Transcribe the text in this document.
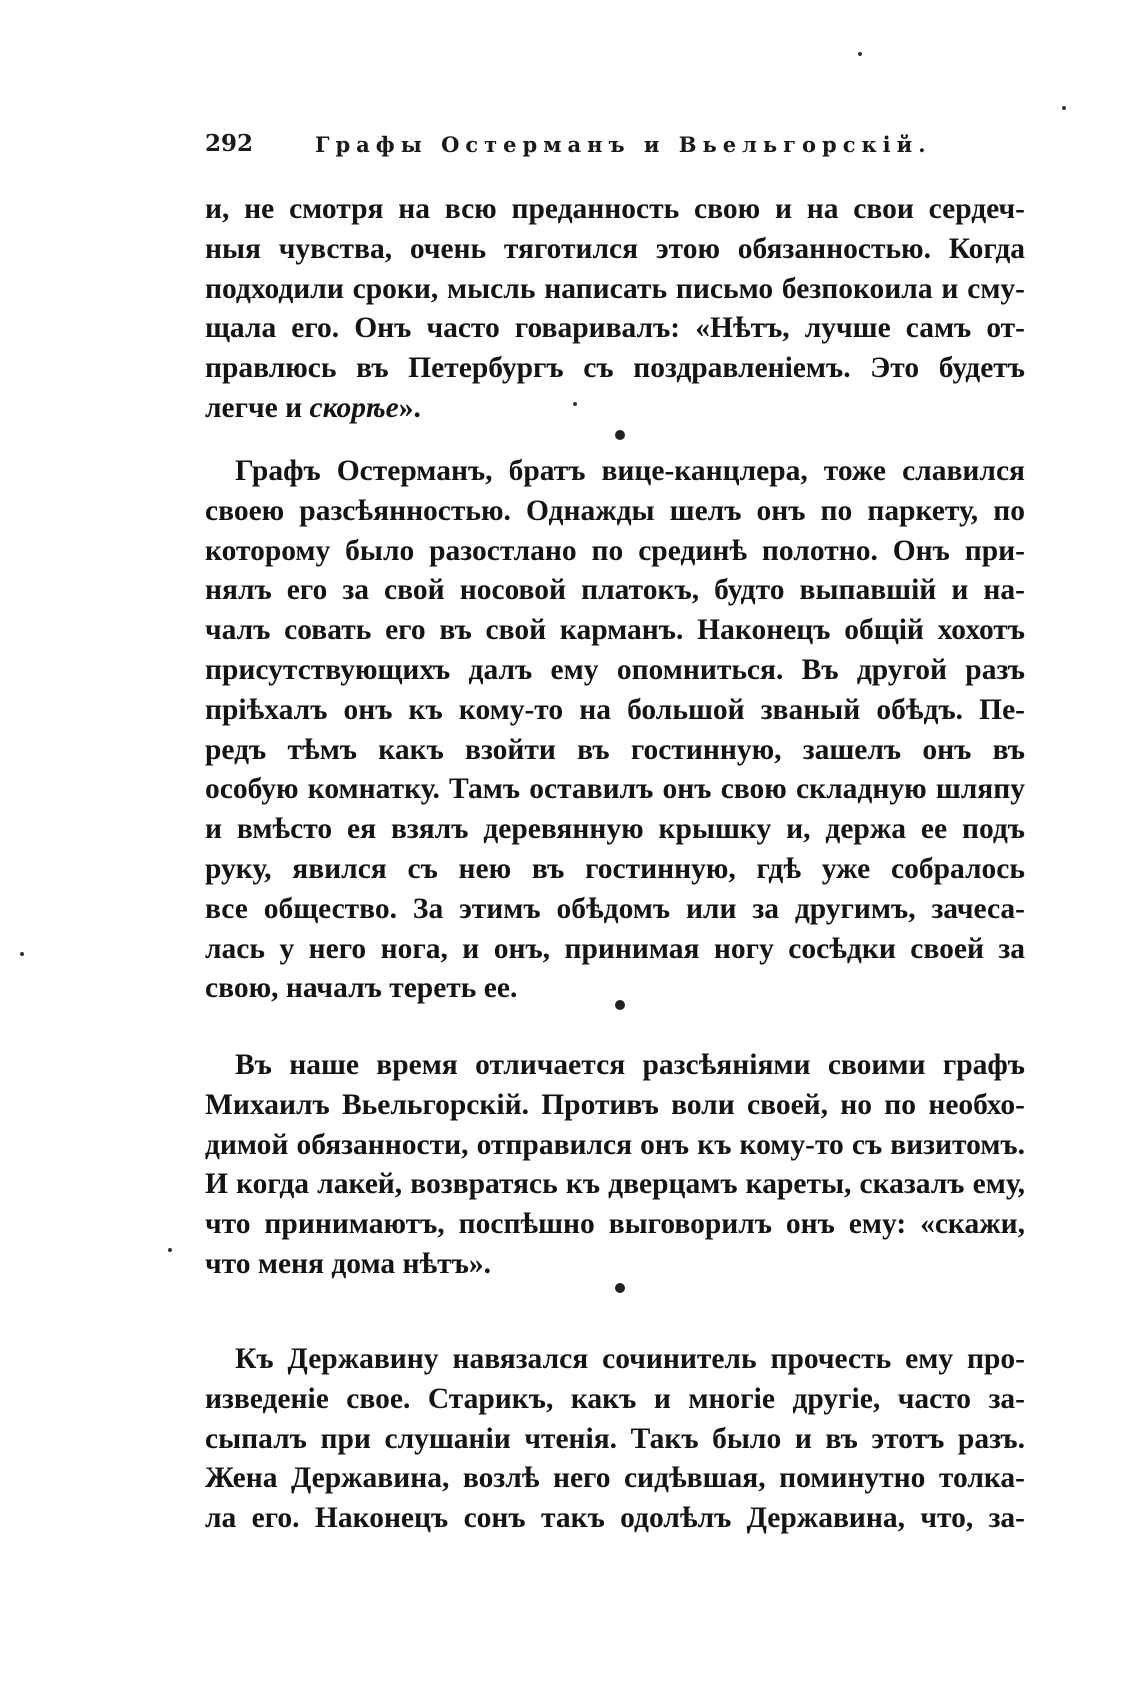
292	Графы Остерманъ и Вьельгорскій.
и, не смотря на всю преданность свою и на свои сердеч-
ныя чувства, очень тяготился этою обязанностью. Когда
подходили сроки, мысль написать письмо безпокоила и сму-
щала его. Онъ часто говаривалъ: «Нѣтъ, лучше самъ от-
правлюсь въ Петербургъ съ поздравленіемъ. Это будетъ
легче и скорѣе».
Графъ Остерманъ, братъ вице-канцлера, тоже славился
своею разсѣянностью. Однажды шелъ онъ по паркету, по
которому было разостлано по срединѣ полотно. Онъ при-
нялъ его за свой носовой платокъ, будто выпавшій и на-
чалъ совать его въ свой карманъ. Наконецъ общій хохотъ
присутствующихъ далъ ему опомниться. Въ другой разъ
пріѣхалъ онъ къ кому-то на большой званый обѣдъ. Пе-
редъ тѣмъ какъ взойти въ гостинную, зашелъ онъ въ
особую комнатку. Тамъ оставилъ онъ свою складную шляпу
и вмѣсто ея взялъ деревянную крышку и, держа ее подъ
руку, явился съ нею въ гостинную, гдѣ уже собралось
все общество. За этимъ обѣдомъ или за другимъ, зачеса-
лась у него нога, и онъ, принимая ногу сосѣдки своей за
свою, началъ тереть ее.
Въ наше время отличается разсѣяніями своими графъ
Михаилъ Вьельгорскій. Противъ воли своей, но по необхо-
димой обязанности, отправился онъ къ кому-то съ визитомъ.
И когда лакей, возвратясь къ дверцамъ кареты, сказалъ ему,
что принимаютъ, поспѣшно выговорилъ онъ ему: «скажи,
что меня дома нѣтъ».
Къ Державину навязался сочинитель прочесть ему про-
изведеніе свое. Старикъ, какъ и многіе другіе, часто за-
сыпалъ при слушаніи чтенія. Такъ было и въ этотъ разъ.
Жена Державина, возлѣ него сидѣвшая, поминутно толка-
ла его. Наконецъ сонъ такъ одолѣлъ Державина, что, за-
